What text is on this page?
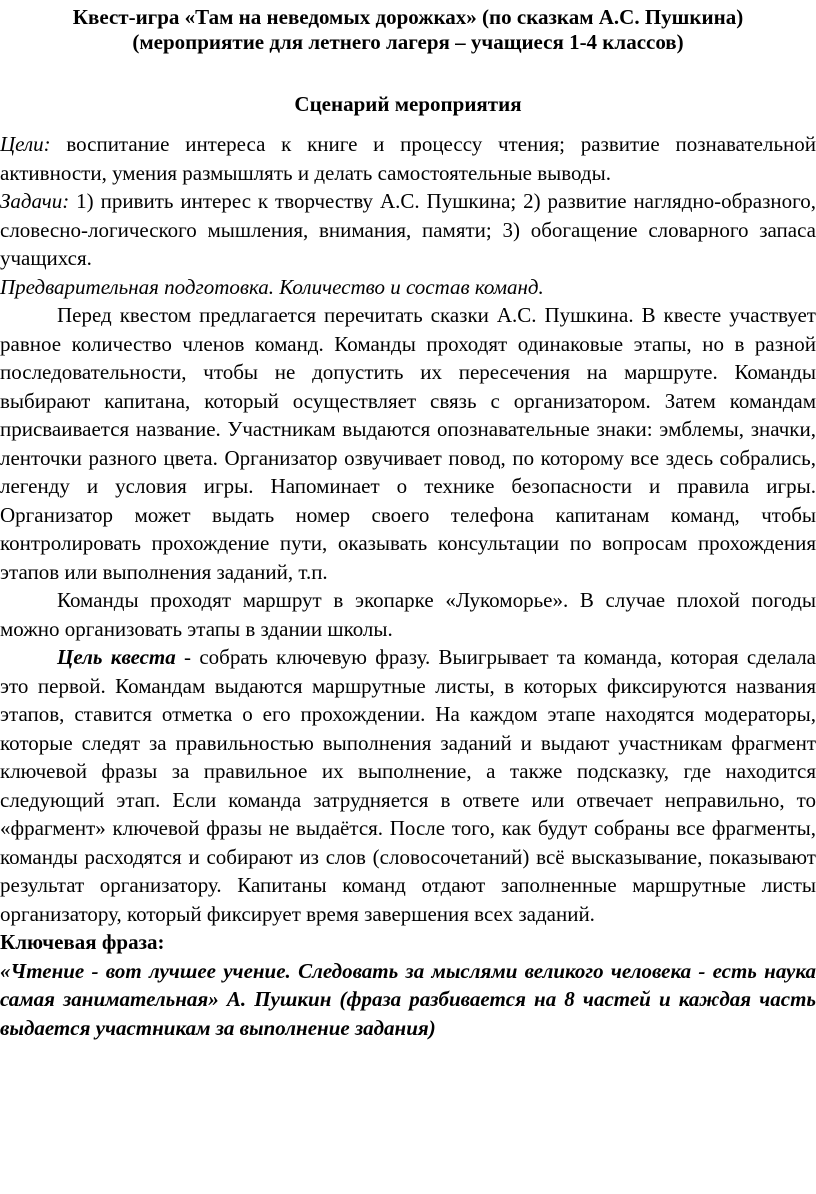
Квест-игра «Там на неведомых дорожках» (по сказкам А.С. Пушкина)

(мероприятие для летнего лагеря – учащиеся 1-4 классов)

Сценарий мероприятия

Цели: воспитание интереса к книге и процессу чтения; развитие познавательной активности, умения размышлять и делать самостоятельные выводы.

Задачи: 1) привить интерес к творчеству А.С. Пушкина; 2) развитие наглядно-образного, словесно-логического мышления, внимания, памяти; 3) обогащение словарного запаса учащихся.

Предварительная подготовка. Количество и состав команд.

Перед квестом предлагается перечитать сказки А.С. Пушкина. В квесте участвует равное количество членов команд. Команды проходят одинаковые этапы, но в разной последовательности, чтобы не допустить их пересечения на маршруте. Команды выбирают капитана, который осуществляет связь с организатором. Затем командам присваивается название. Участникам выдаются опознавательные знаки: эмблемы, значки, ленточки разного цвета. Организатор озвучивает повод, по которому все здесь собрались, легенду и условия игры. Напоминает о технике безопасности и правила игры. Организатор может выдать номер своего телефона капитанам команд, чтобы контролировать прохождение пути, оказывать консультации по вопросам прохождения этапов или выполнения заданий, т.п.

Команды проходят маршрут в экопарке «Лукоморье». В случае плохой погоды можно организовать этапы в здании школы.

Цель квеста - собрать ключевую фразу. Выигрывает та команда, которая сделала это первой. Командам выдаются маршрутные листы, в которых фиксируются названия этапов, ставится отметка о его прохождении. На каждом этапе находятся модераторы, которые следят за правильностью выполнения заданий и выдают участникам фрагмент ключевой фразы за правильное их выполнение, а также подсказку, где находится следующий этап. Если команда затрудняется в ответе или отвечает неправильно, то «фрагмент» ключевой фразы не выдаётся. После того, как будут собраны все фрагменты, команды расходятся и собирают из слов (словосочетаний) всё высказывание, показывают результат организатору. Капитаны команд отдают заполненные маршрутные листы организатору, который фиксирует время завершения всех заданий.

Ключевая фраза:

«Чтение - вот лучшее учение. Следовать за мыслями великого человека - есть наука самая занимательная» А. Пушкин (фраза разбивается на 8 частей и каждая часть выдается участникам за выполнение задания)
